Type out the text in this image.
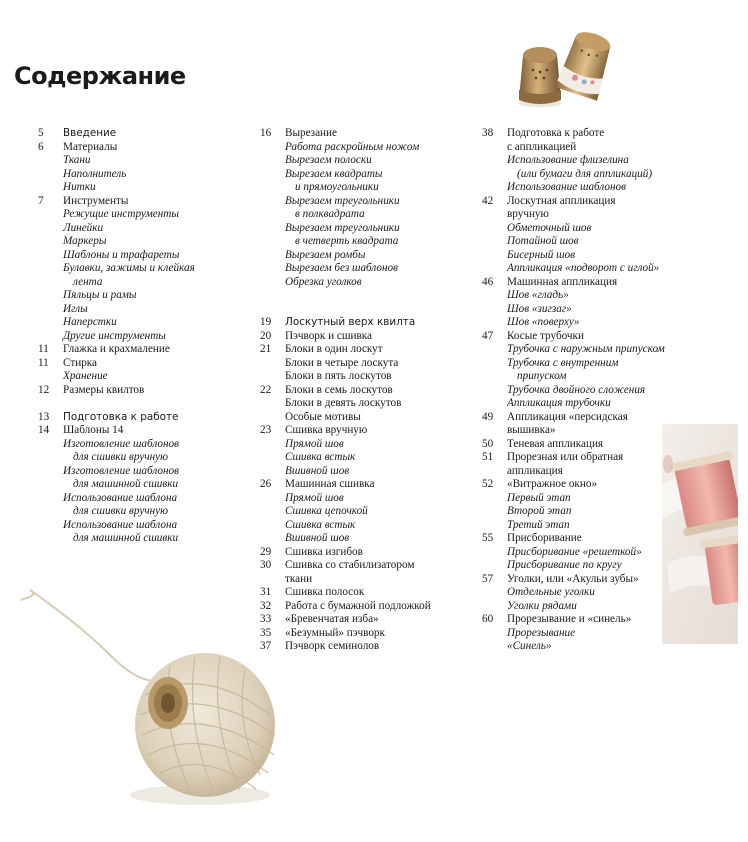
Содержание
5	Введение
6	Материалы
Ткани
Наполнитель
Нитки
7	Инструменты
Режущие инструменты
Линейки
Маркеры
Шаблоны и трафареты
Булавки, зажимы и клейкая
лента
Пяльцы и рамы
Иглы
Наперстки
Другие инструменты
11	Глажка и крахмаление
11	Стирка
Хранение
12	Размеры квилтов
13	Подготовка к работе
14	Шаблоны 14
Изготовление шаблонов
для сшивки вручную
Изготовление шаблонов
для машинной сшивки
Использование шаблона
для сшивки вручную
Использование шаблона
для машинной сшивки
16	Вырезание
Работа раскройным ножом
Вырезаем полоски
Вырезаем квадраты
и прямоугольники
Вырезаем треугольники
в полквадрата
Вырезаем треугольники
в четверть квадрата
Вырезаем ромбы
Вырезаем без шаблонов
Обрезка уголков
19	Лоскутный верх квилта
20	Пэчворк и сшивка
21	Блоки в один лоскут
Блоки в четыре лоскута
Блоки в пять лоскутов
22	Блоки в семь лоскутов
Блоки в девять лоскутов
Особые мотивы
23	Сшивка вручную
Прямой шов
Сшивка встык
Вшивной шов
26	Машинная сшивка
Прямой шов
Сшивка цепочкой
Сшивка встык
Вшивной шов
29	Сшивка изгибов
30	Сшивка со стабилизатором
ткани
31	Сшивка полосок
32	Работа с бумажной подложкой
33	«Бревенчатая изба»
35	«Безумный» пэчворк
37	Пэчворк семинолов
38	Подготовка к работе
с аппликацией
Использование флизелина
(или бумаги для аппликаций)
Использование шаблонов
42	Лоскутная аппликация
вручную
Обметочный шов
Потайной шов
Бисерный шов
Аппликация «подворот с иглой»
46	Машинная аппликация
Шов «гладь»
Шов «зигзаг»
Шов «поверху»
47	Косые трубочки
Трубочка с наружным припуском
Трубочка с внутренним
припуском
Трубочка двойного сложения
Аппликация трубочки
49	Аппликация «персидская
вышивка»
50	Теневая аппликация
51	Прорезная или обратная
аппликация
52	«Витражное окно»
Первый этап
Второй этап
Третий этап
55	Присборивание
Присборивание «решеткой»
Присборивание по кругу
57	Уголки, или «Акульи зубы»
Отдельные уголки
Уголки рядами
60	Прорезывание и «синель»
Прорезывание
«Синель»
